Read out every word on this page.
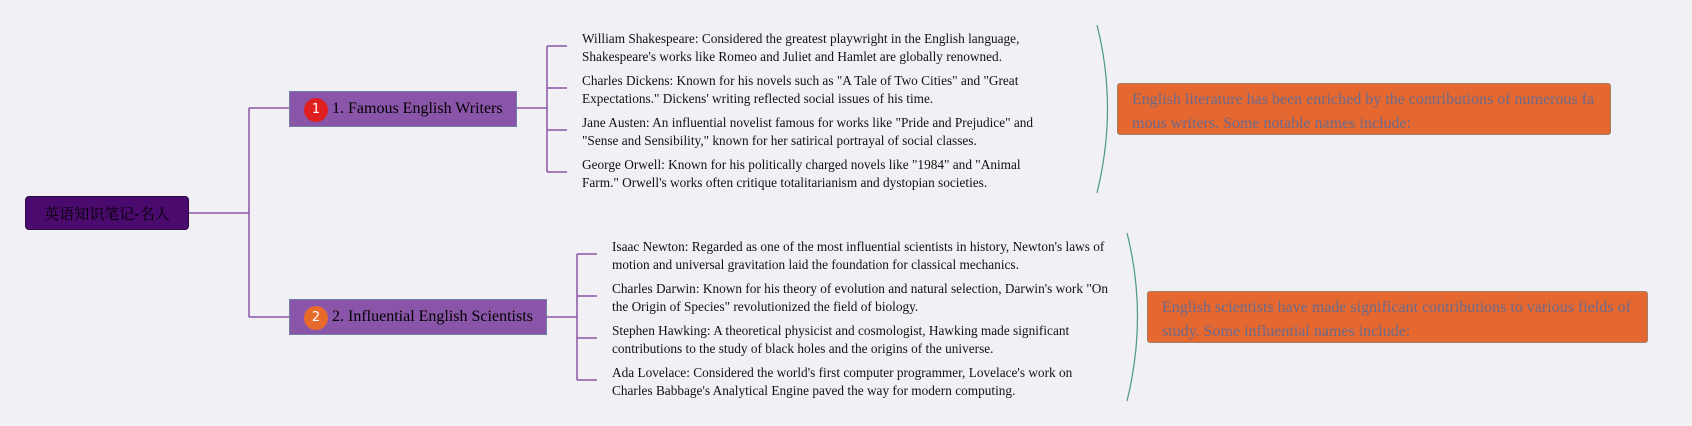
英语知识笔记-名人
1 1. Famous English Writers
William Shakespeare: Considered the greatest playwright in the English language, Shakespeare's works like Romeo and Juliet and Hamlet are globally renowned.
Charles Dickens: Known for his novels such as "A Tale of Two Cities" and "Great Expectations." Dickens' writing reflected social issues of his time.
Jane Austen: An influential novelist famous for works like "Pride and Prejudice" and "Sense and Sensibility," known for her satirical portrayal of social classes.
George Orwell: Known for his politically charged novels like "1984" and "Animal Farm." Orwell's works often critique totalitarianism and dystopian societies.
English literature has been enriched by the contributions of numerous famous writers. Some notable names include:
2 2. Influential English Scientists
Isaac Newton: Regarded as one of the most influential scientists in history, Newton's laws of motion and universal gravitation laid the foundation for classical mechanics.
Charles Darwin: Known for his theory of evolution and natural selection, Darwin's work "On the Origin of Species" revolutionized the field of biology.
Stephen Hawking: A theoretical physicist and cosmologist, Hawking made significant contributions to the study of black holes and the origins of the universe.
Ada Lovelace: Considered the world's first computer programmer, Lovelace's work on Charles Babbage's Analytical Engine paved the way for modern computing.
English scientists have made significant contributions to various fields of study. Some influential names include:
